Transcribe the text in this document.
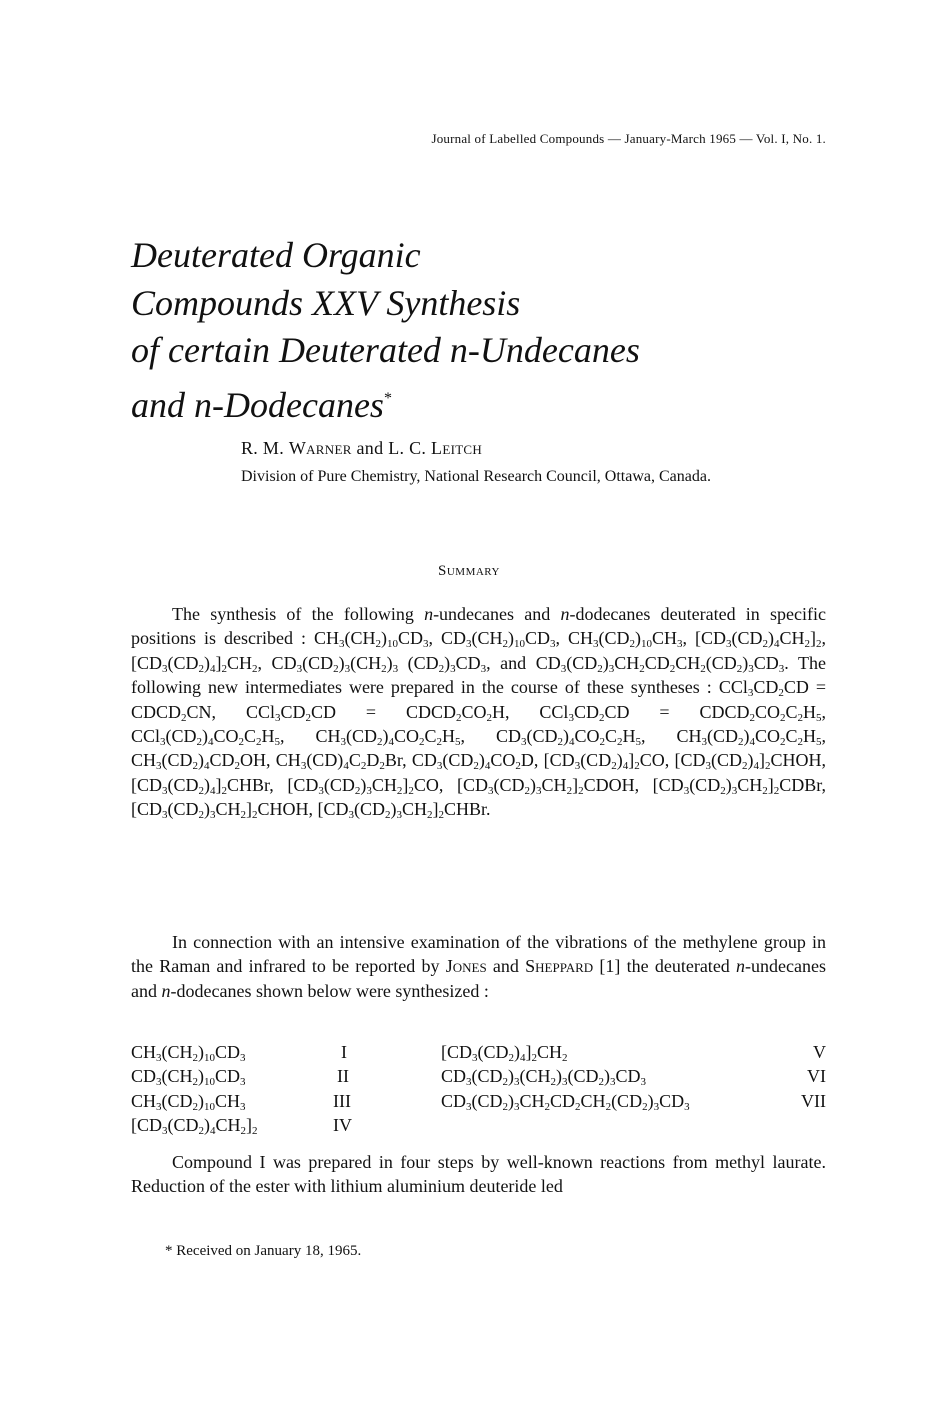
Journal of Labelled Compounds — January-March 1965 — Vol. I, No. 1.
Deuterated Organic
Compounds XXV Synthesis
of certain Deuterated n-Undecanes
and n-Dodecanes*
R. M. Warner and L. C. Leitch
Division of Pure Chemistry, National Research Council, Ottawa, Canada.
Summary

The synthesis of the following n-undecanes and n-dodecanes deuterated in specific positions is described : $CH_3(CH_2)_{10}CD_3$, $CD_3(CH_2)_{10}CD_3$, $CH_3(CD_2)_{10}CH_3$, $[CD_3(CD_2)_4CH_2]_2$, $[CD_3(CD_2)_4]_2CH_2$, $CD_3(CD_2)_3(CH_2)_3$ $(CD_2)_3CD_3$, and $CD_3(CD_2)_3CH_2CD_2CH_2(CD_2)_3CD_3$. The following new intermediates were prepared in the course of these syntheses : $CCl_3CD_2CD$ = $CDCD_2CN$, $CCl_3CD_2CD$ = $CDCD_2CO_2H$, $CCl_3CD_2CD$ = $CDCD_2CO_2C_2H_5$, $CCl_3(CD_2)_4CO_2C_2H_5$, $CH_3(CD_2)_4CO_2C_2H_5$, $CD_3(CD_2)_4CO_2C_2H_5$, $CH_3(CD_2)_4CO_2C_2H_5$, $CH_3(CD_2)_4CD_2OH$, $CH_3(CD)_4C_2D_2Br$, $CD_3(CD_2)_4CO_2D$, $[CD_3(CD_2)_4]_2CO$, $[CD_3(CD_2)_4]_2CHOH$, $[CD_3(CD_2)_4]_2CHBr$, $[CD_3(CD_2)_3CH_2]_2CO$, $[CD_3(CD_2)_3CH_2]_2CDOH$, $[CD_3(CD_2)_3CH_2]_2CDBr$, $[CD_3(CD_2)_3CH_2]_2CHOH$, $[CD_3(CD_2)_3CH_2]_2CHBr$.

In connection with an intensive examination of the vibrations of the methylene group in the Raman and infrared to be reported by Jones and Sheppard [1] the deuterated n-undecanes and n-dodecanes shown below were synthesized :

$CH_3(CH_2)_{10}CD_3$	I	$[CD_3(CD_2)_4]_2CH_2$	V
$CD_3(CH_2)_{10}CD_3$	II	$CD_3(CD_2)_3(CH_2)_3(CD_2)_3CD_3$	VI
$CH_3(CD_2)_{10}CH_3$	III	$CD_3(CD_2)_3CH_2CD_2CH_2(CD_2)_3CD_3$	VII
$[CD_3(CD_2)_4CH_2]_2$	IV		

Compound I was prepared in four steps by well-known reactions from methyl laurate. Reduction of the ester with lithium aluminium deuteride led

* Received on January 18, 1965.
